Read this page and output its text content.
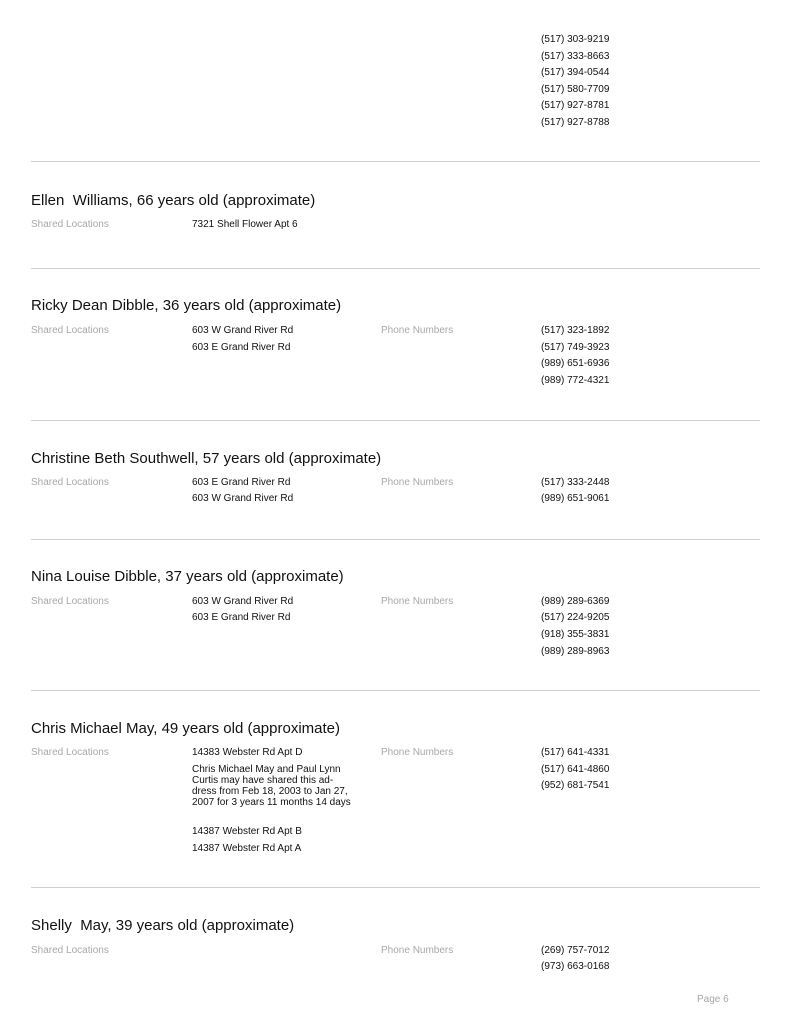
(517) 303-9219
(517) 333-8663
(517) 394-0544
(517) 580-7709
(517) 927-8781
(517) 927-8788
Ellen  Williams, 66 years old (approximate)
Shared Locations	7321 Shell Flower Apt 6
Ricky Dean Dibble, 36 years old (approximate)
Shared Locations	603 W Grand River Rd
603 E Grand River Rd
Phone Numbers	(517) 323-1892
(517) 749-3923
(989) 651-6936
(989) 772-4321
Christine Beth Southwell, 57 years old (approximate)
Shared Locations	603 E Grand River Rd
603 W Grand River Rd
Phone Numbers	(517) 333-2448
(989) 651-9061
Nina Louise Dibble, 37 years old (approximate)
Shared Locations	603 W Grand River Rd
603 E Grand River Rd
Phone Numbers	(989) 289-6369
(517) 224-9205
(918) 355-3831
(989) 289-8963
Chris Michael May, 49 years old (approximate)
Shared Locations	14383 Webster Rd Apt D
Chris Michael May and Paul Lynn Curtis may have shared this ad-dress from Feb 18, 2003 to Jan 27, 2007 for 3 years 11 months 14 days
14387 Webster Rd Apt B
14387 Webster Rd Apt A
Phone Numbers	(517) 641-4331
(517) 641-4860
(952) 681-7541
Shelly  May, 39 years old (approximate)
Shared Locations	Phone Numbers	(269) 757-7012
(973) 663-0168
Page 6
